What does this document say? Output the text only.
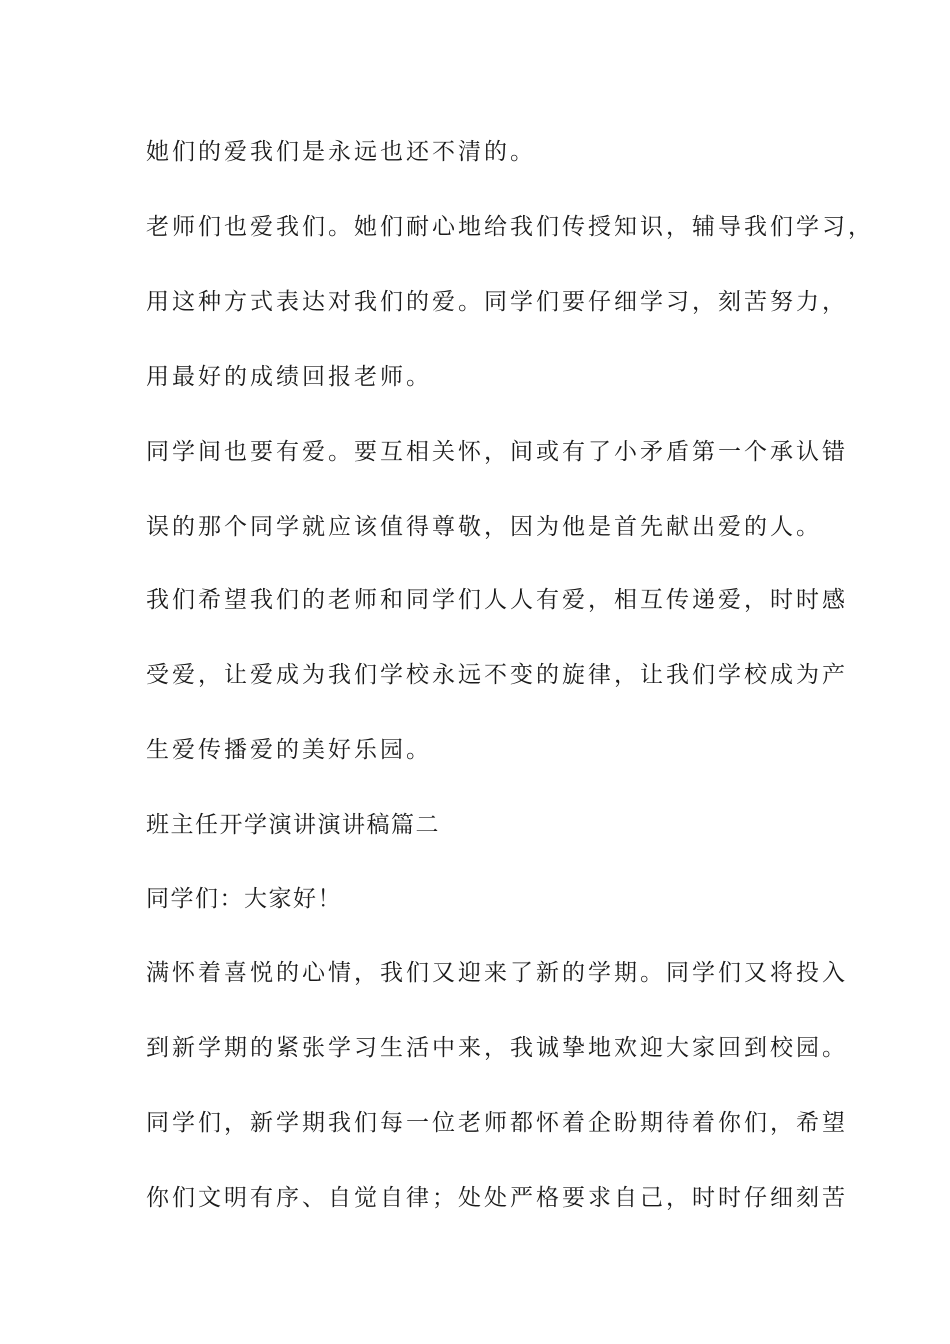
她们的爱我们是永远也还不清的。
老师们也爱我们。她们耐心地给我们传授知识，辅导我们学习，
用这种方式表达对我们的爱。同学们要仔细学习，刻苦努力，
用最好的成绩回报老师。
同学间也要有爱。要互相关怀，间或有了小矛盾第一个承认错
误的那个同学就应该值得尊敬，因为他是首先献出爱的人。
我们希望我们的老师和同学们人人有爱，相互传递爱，时时感
受爱，让爱成为我们学校永远不变的旋律，让我们学校成为产
生爱传播爱的美好乐园。
班主任开学演讲演讲稿篇二
同学们：大家好！
满怀着喜悦的心情，我们又迎来了新的学期。同学们又将投入
到新学期的紧张学习生活中来，我诚挚地欢迎大家回到校园。
同学们，新学期我们每一位老师都怀着企盼期待着你们，希望
你们文明有序、自觉自律；处处严格要求自己，时时仔细刻苦
